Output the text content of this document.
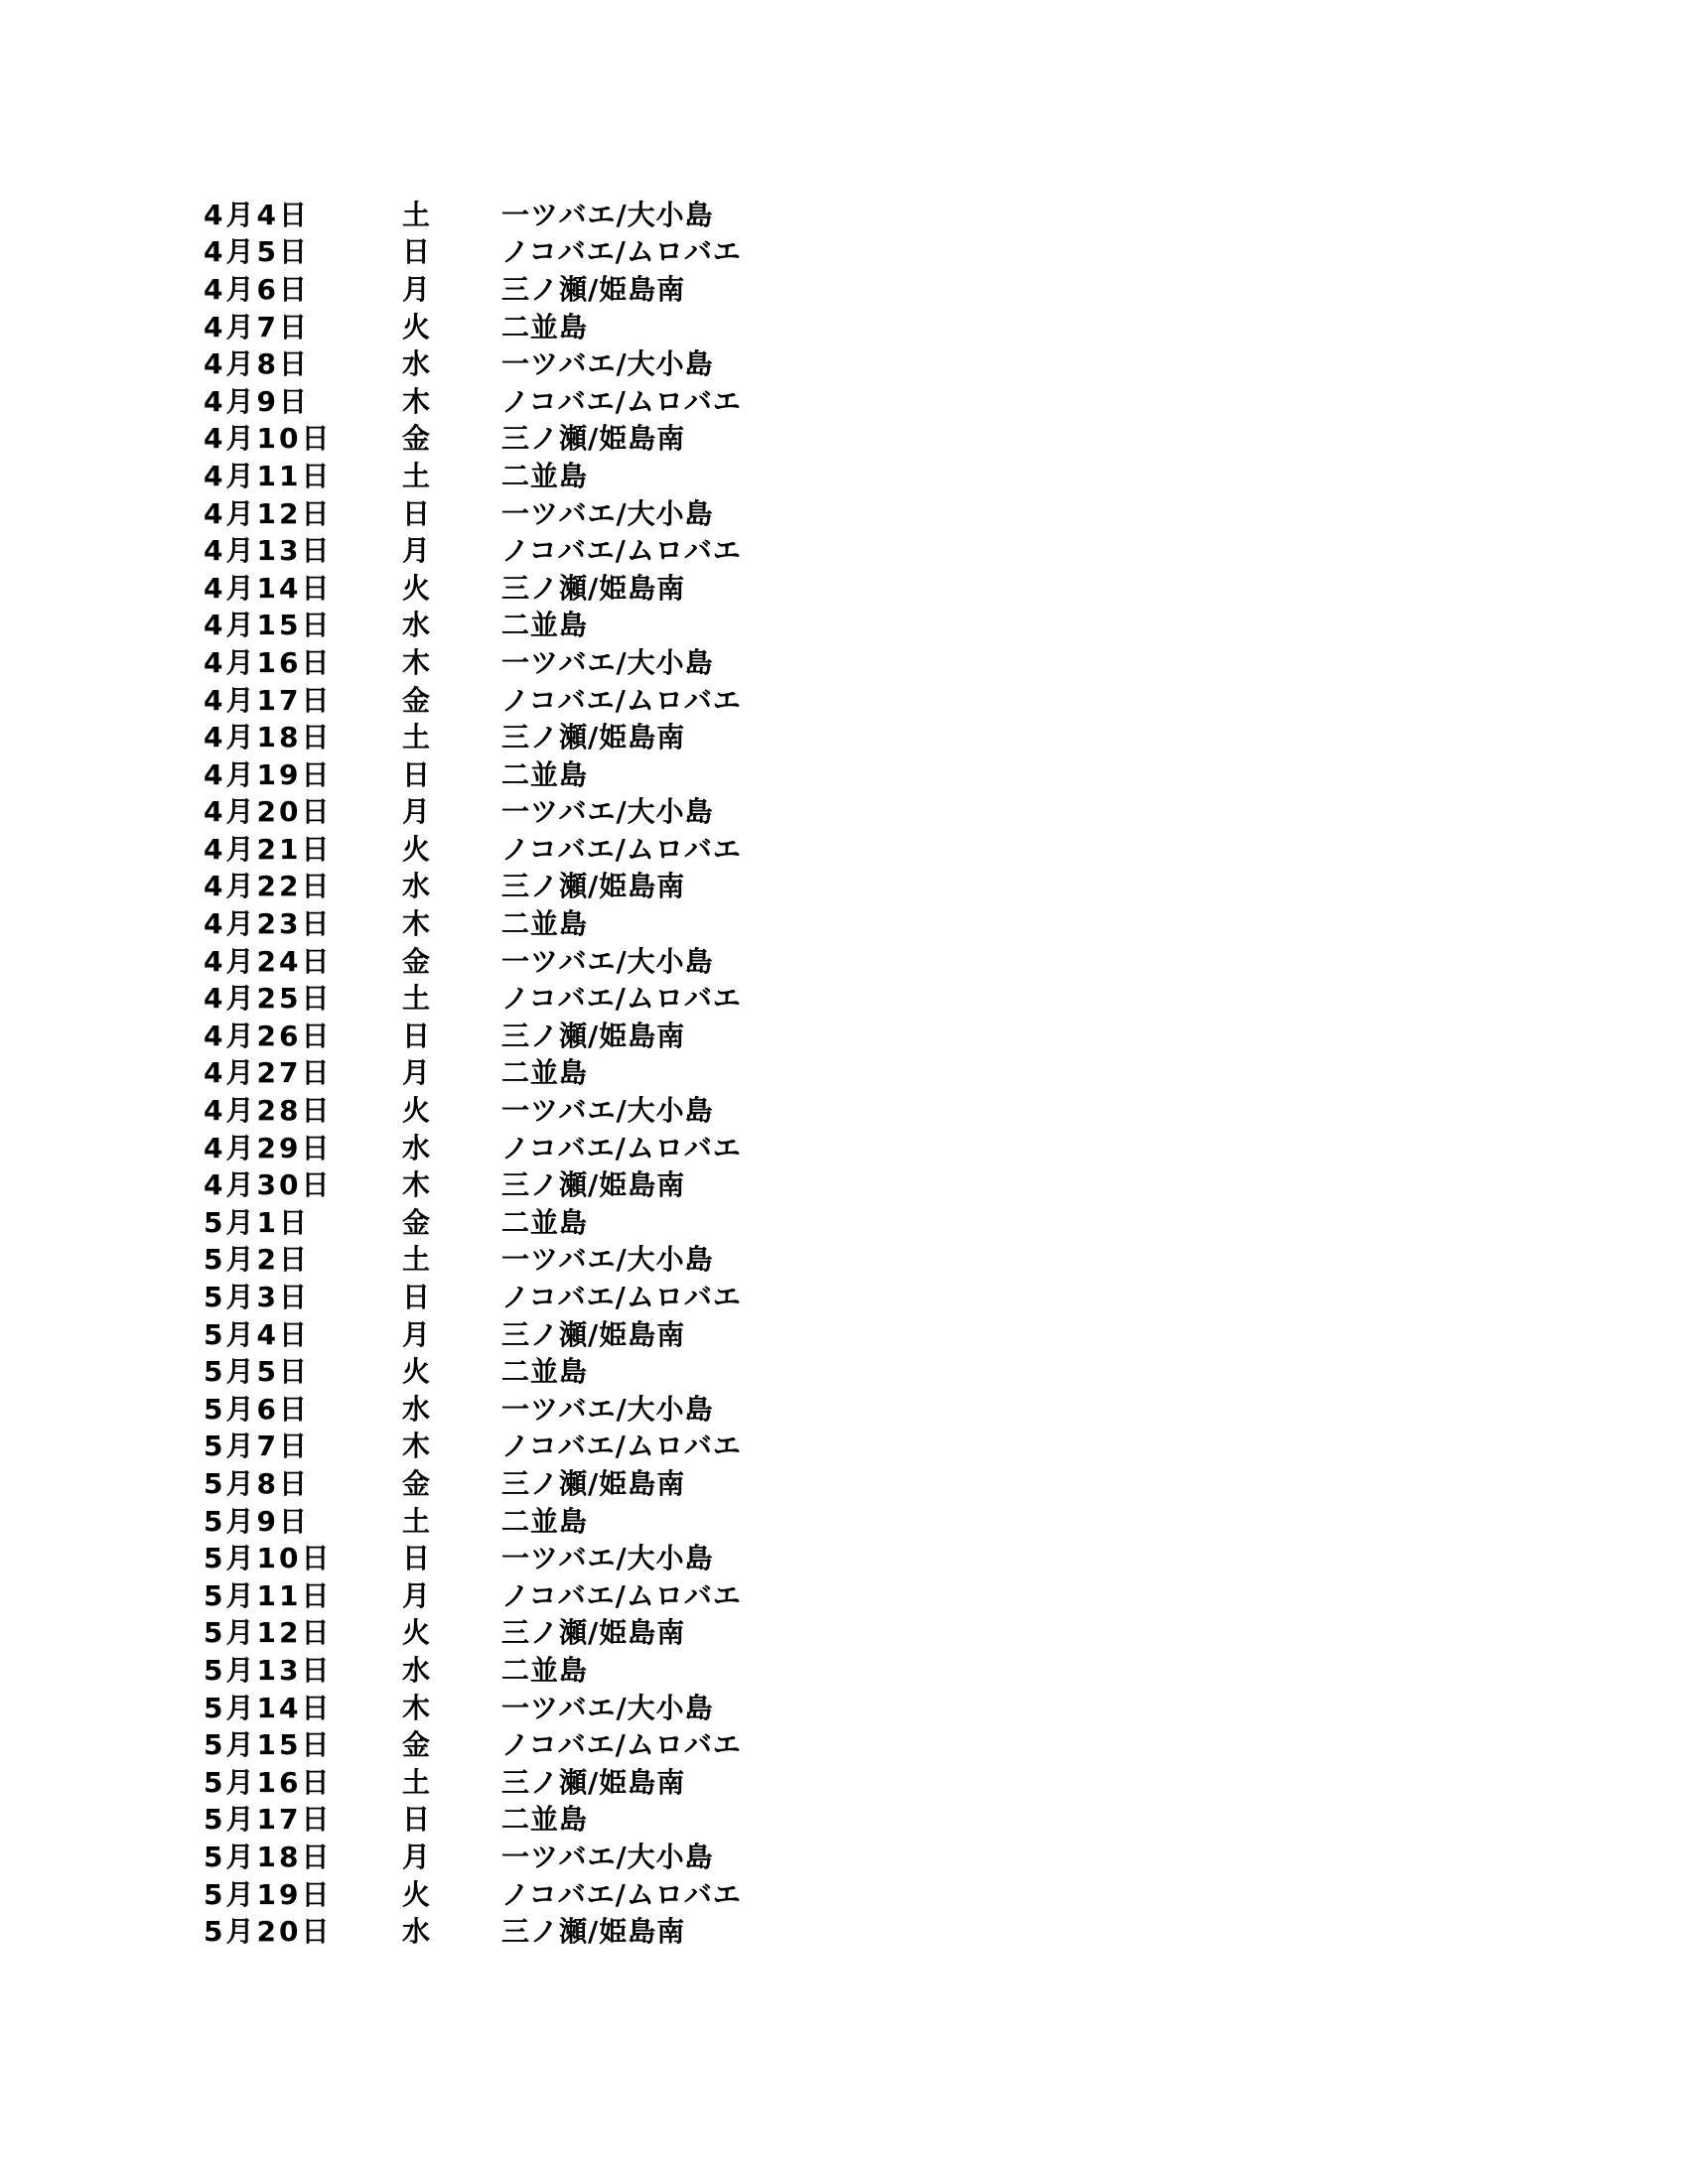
4月4日	土	一ツバエ/大小島
4月5日	日	ノコバエ/ムロバエ
4月6日	月	三ノ瀬/姫島南
4月7日	火	二並島
4月8日	水	一ツバエ/大小島
4月9日	木	ノコバエ/ムロバエ
4月10日	金	三ノ瀬/姫島南
4月11日	土	二並島
4月12日	日	一ツバエ/大小島
4月13日	月	ノコバエ/ムロバエ
4月14日	火	三ノ瀬/姫島南
4月15日	水	二並島
4月16日	木	一ツバエ/大小島
4月17日	金	ノコバエ/ムロバエ
4月18日	土	三ノ瀬/姫島南
4月19日	日	二並島
4月20日	月	一ツバエ/大小島
4月21日	火	ノコバエ/ムロバエ
4月22日	水	三ノ瀬/姫島南
4月23日	木	二並島
4月24日	金	一ツバエ/大小島
4月25日	土	ノコバエ/ムロバエ
4月26日	日	三ノ瀬/姫島南
4月27日	月	二並島
4月28日	火	一ツバエ/大小島
4月29日	水	ノコバエ/ムロバエ
4月30日	木	三ノ瀬/姫島南
5月1日	金	二並島
5月2日	土	一ツバエ/大小島
5月3日	日	ノコバエ/ムロバエ
5月4日	月	三ノ瀬/姫島南
5月5日	火	二並島
5月6日	水	一ツバエ/大小島
5月7日	木	ノコバエ/ムロバエ
5月8日	金	三ノ瀬/姫島南
5月9日	土	二並島
5月10日	日	一ツバエ/大小島
5月11日	月	ノコバエ/ムロバエ
5月12日	火	三ノ瀬/姫島南
5月13日	水	二並島
5月14日	木	一ツバエ/大小島
5月15日	金	ノコバエ/ムロバエ
5月16日	土	三ノ瀬/姫島南
5月17日	日	二並島
5月18日	月	一ツバエ/大小島
5月19日	火	ノコバエ/ムロバエ
5月20日	水	三ノ瀬/姫島南
